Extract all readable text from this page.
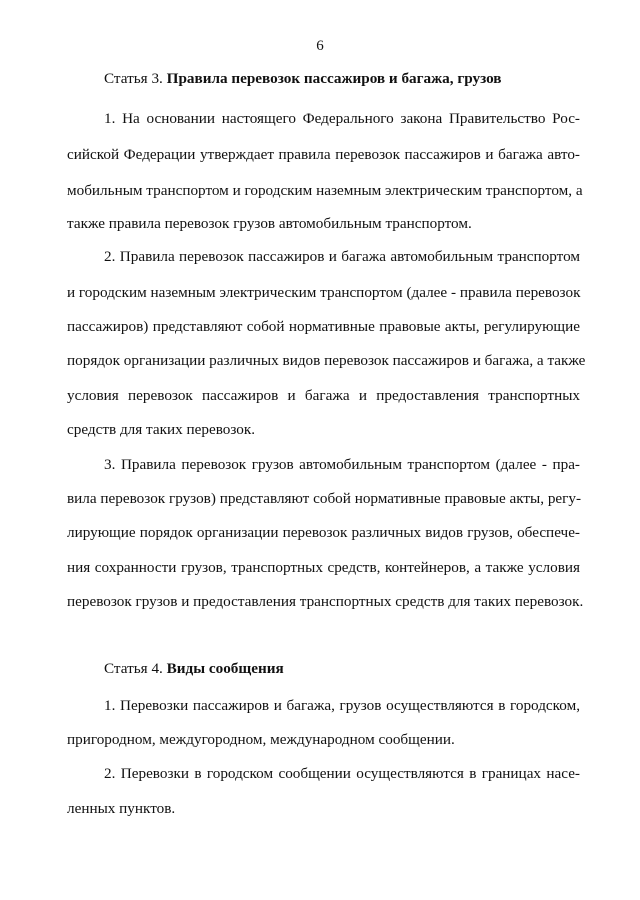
6
Статья 3. Правила перевозок пассажиров и багажа, грузов
1. На основании настоящего Федерального закона Правительство Рос-
сийской Федерации утверждает правила перевозок пассажиров и багажа авто-
мобильным транспортом и городским наземным электрическим транспортом, а
также правила перевозок грузов автомобильным транспортом.
2. Правила перевозок пассажиров и багажа автомобильным транспортом
и городским наземным электрическим транспортом (далее - правила перевозок
пассажиров) представляют собой нормативные правовые акты, регулирующие
порядок организации различных видов перевозок пассажиров и багажа, а также
условия перевозок пассажиров и багажа и предоставления транспортных
средств для таких перевозок.
3. Правила перевозок грузов автомобильным транспортом (далее - пра-
вила перевозок грузов) представляют собой нормативные правовые акты, регу-
лирующие порядок организации перевозок различных видов грузов, обеспече-
ния сохранности грузов, транспортных средств, контейнеров, а также условия
перевозок грузов и предоставления транспортных средств для таких перевозок.
Статья 4. Виды сообщения
1. Перевозки пассажиров и багажа, грузов осуществляются в городском,
пригородном, междугородном, международном сообщении.
2. Перевозки в городском сообщении осуществляются в границах насе-
ленных пунктов.
